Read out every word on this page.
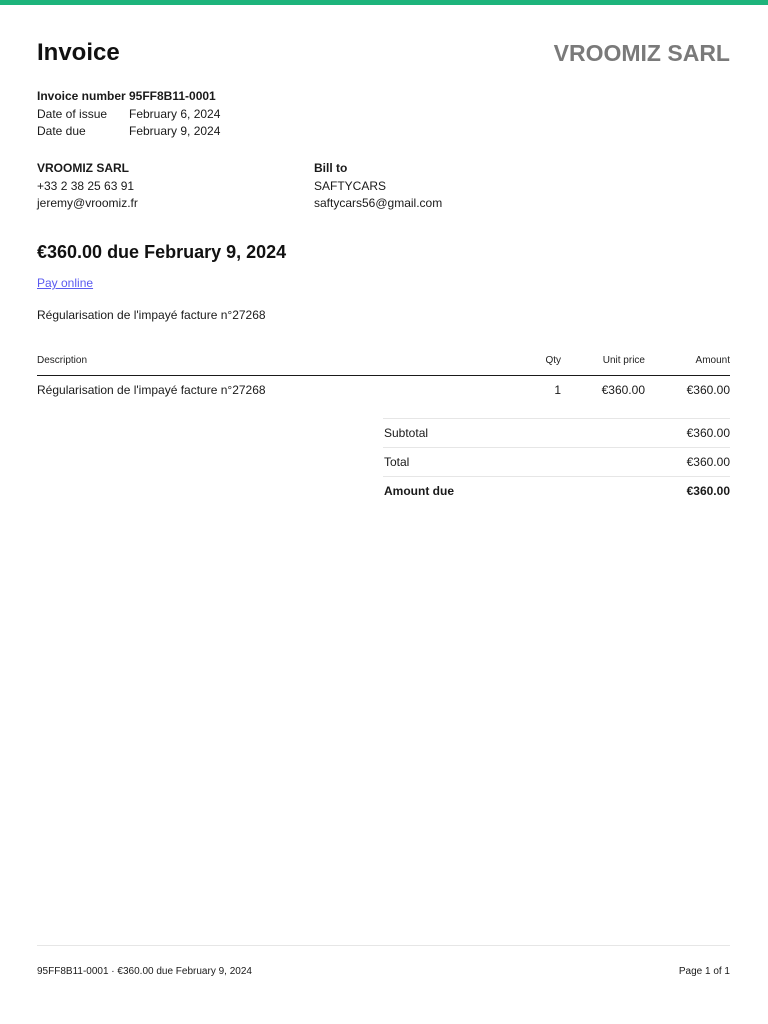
Invoice	VROOMIZ SARL
Invoice number 95FF8B11-0001
Date of issue	February 6, 2024
Date due	February 9, 2024
VROOMIZ SARL
+33 2 38 25 63 91
jeremy@vroomiz.fr
Bill to
SAFTYCARS
saftycars56@gmail.com
€360.00 due February 9, 2024
Pay online
Régularisation de l'impayé facture n°27268
Description	Qty	Unit price	Amount
Régularisation de l'impayé facture n°27268	1	€360.00	€360.00
Subtotal	€360.00
Total	€360.00
Amount due	€360.00
95FF8B11-0001 · €360.00 due February 9, 2024	Page 1 of 1
